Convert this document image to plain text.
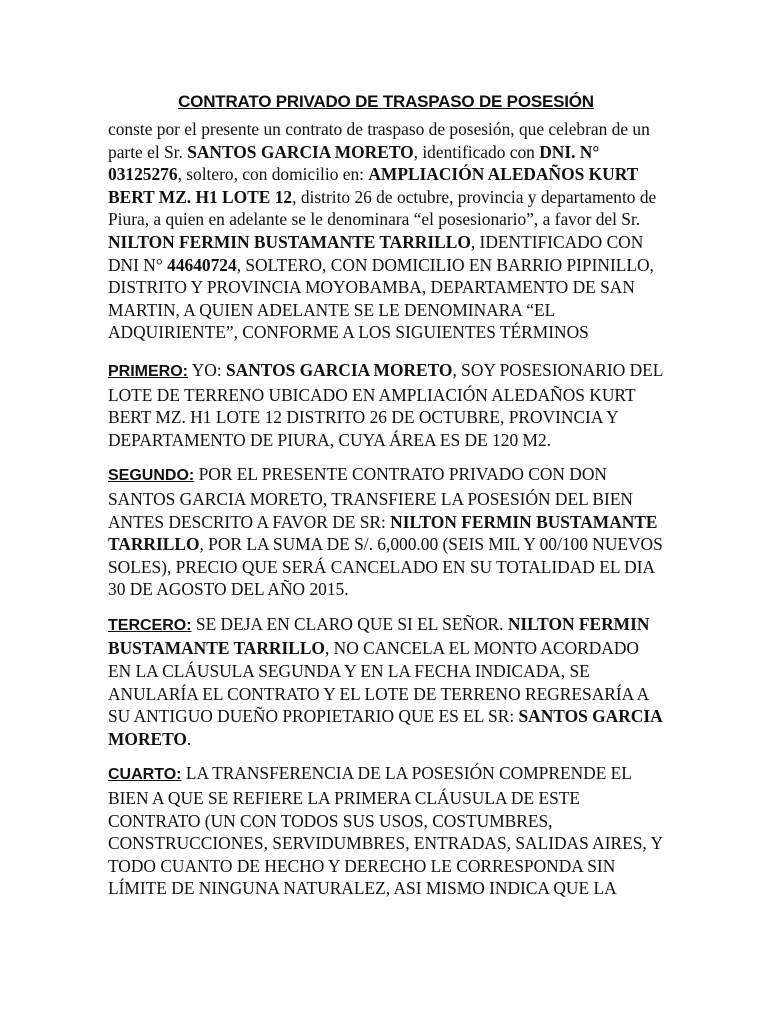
CONTRATO PRIVADO DE TRASPASO DE POSESIÓN

conste por el presente un contrato de traspaso de posesión, que celebran de un parte el Sr. SANTOS GARCIA MORETO, identificado con DNI. N° 03125276, soltero, con domicilio en: AMPLIACIÓN ALEDAÑOS KURT BERT MZ. H1 LOTE 12, distrito 26 de octubre, provincia y departamento de Piura, a quien en adelante se le denominara “el posesionario”, a favor del Sr. NILTON FERMIN BUSTAMANTE TARRILLO, IDENTIFICADO CON DNI N° 44640724, SOLTERO, CON DOMICILIO EN BARRIO PIPINILLO, DISTRITO Y PROVINCIA MOYOBAMBA, DEPARTAMENTO DE SAN MARTIN, A QUIEN ADELANTE SE LE DENOMINARA “EL ADQUIRIENTE”, CONFORME A LOS SIGUIENTES TÉRMINOS

PRIMERO: YO: SANTOS GARCIA MORETO, SOY POSESIONARIO DEL LOTE DE TERRENO UBICADO EN AMPLIACIÓN ALEDAÑOS KURT BERT MZ. H1 LOTE 12 DISTRITO 26 DE OCTUBRE, PROVINCIA Y DEPARTAMENTO DE PIURA, CUYA ÁREA ES DE 120 M2.

SEGUNDO: POR EL PRESENTE CONTRATO PRIVADO CON DON SANTOS GARCIA MORETO, TRANSFIERE LA POSESIÓN DEL BIEN ANTES DESCRITO A FAVOR DE SR: NILTON FERMIN BUSTAMANTE TARRILLO, POR LA SUMA DE S/. 6,000.00 (SEIS MIL Y 00/100 NUEVOS SOLES), PRECIO QUE SERÁ CANCELADO EN SU TOTALIDAD EL DIA 30 DE AGOSTO DEL AÑO 2015.

TERCERO: SE DEJA EN CLARO QUE SI EL SEÑOR. NILTON FERMIN BUSTAMANTE TARRILLO, NO CANCELA EL MONTO ACORDADO EN LA CLÁUSULA SEGUNDA Y EN LA FECHA INDICADA, SE ANULARÍA EL CONTRATO Y EL LOTE DE TERRENO REGRESARÍA A SU ANTIGUO DUEÑO PROPIETARIO QUE ES EL SR: SANTOS GARCIA MORETO.

CUARTO: LA TRANSFERENCIA DE LA POSESIÓN COMPRENDE EL BIEN A QUE SE REFIERE LA PRIMERA CLÁUSULA DE ESTE CONTRATO (UN CON TODOS SUS USOS, COSTUMBRES, CONSTRUCCIONES, SERVIDUMBRES, ENTRADAS, SALIDAS AIRES, Y TODO CUANTO DE HECHO Y DERECHO LE CORRESPONDA SIN LÍMITE DE NINGUNA NATURALEZ, ASI MISMO INDICA QUE LA
